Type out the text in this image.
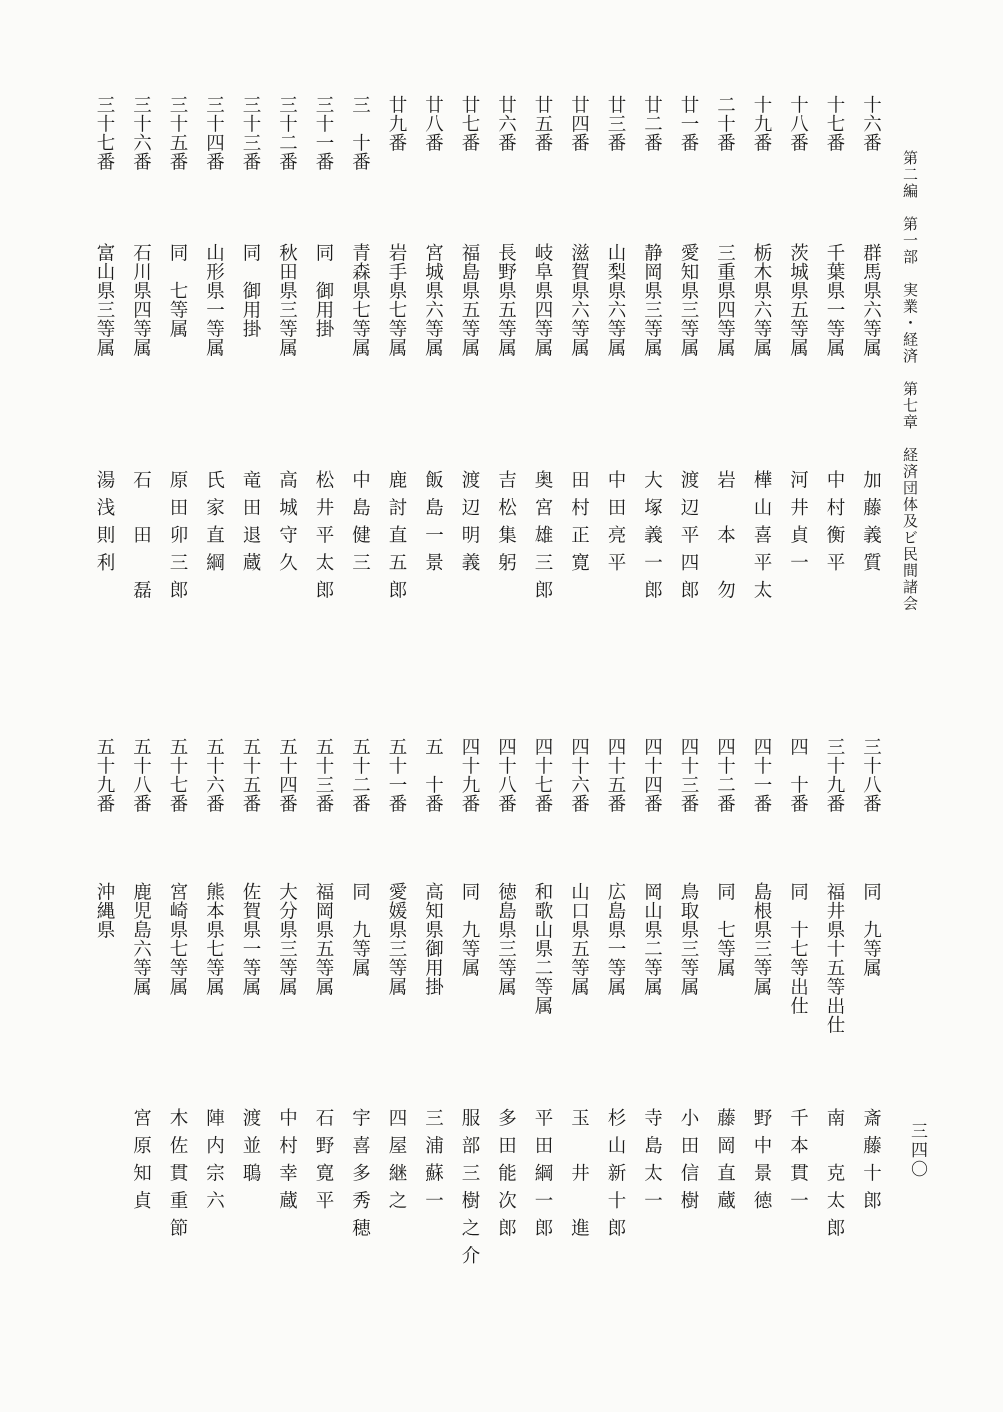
第二編　第一部　実業・経済　第七章　経済団体及ビ民間諸会
三四〇
十六番
群馬県六等属
加藤義質
三十八番
同　九等属
斎藤十郎
十七番
千葉県一等属
中村衡平
三十九番
福井県十五等出仕
南　克太郎
十八番
茨城県五等属
河井貞一
四　十番
同　十七等出仕
千本貫一
十九番
栃木県六等属
樺山喜平太
四十一番
島根県三等属
野中景徳
二十番
三重県四等属
岩　本　勿
四十二番
同　七等属
藤岡直蔵
廿一番
愛知県三等属
渡辺平四郎
四十三番
鳥取県三等属
小田信樹
廿二番
静岡県三等属
大塚義一郎
四十四番
岡山県二等属
寺島太一
廿三番
山梨県六等属
中田亮平
四十五番
広島県一等属
杉山新十郎
廿四番
滋賀県六等属
田村正寛
四十六番
山口県五等属
玉　井　進
廿五番
岐阜県四等属
奥宮雄三郎
四十七番
和歌山県二等属
平田綱一郎
廿六番
長野県五等属
吉松集躬
四十八番
徳島県三等属
多田能次郎
廿七番
福島県五等属
渡辺明義
四十九番
同　九等属
服部三樹之介
廿八番
宮城県六等属
飯島一景
五　十番
高知県御用掛
三浦蘇一
廿九番
岩手県七等属
鹿討直五郎
五十一番
愛媛県三等属
四屋継之
三　十番
青森県七等属
中島健三
五十二番
同　九等属
宇喜多秀穂
三十一番
同　御用掛
松井平太郎
五十三番
福岡県五等属
石野寛平
三十二番
秋田県三等属
高城守久
五十四番
大分県三等属
中村幸蔵
三十三番
同　御用掛
竜田退蔵
五十五番
佐賀県一等属
渡並鵈
三十四番
山形県一等属
氏家直綱
五十六番
熊本県七等属
陣内宗六
三十五番
同　七等属
原田卯三郎
五十七番
宮崎県七等属
木佐貫重節
三十六番
石川県四等属
石　田　磊
五十八番
鹿児島六等属
宮原知貞
三十七番
富山県三等属
湯浅則利
五十九番
沖縄県
